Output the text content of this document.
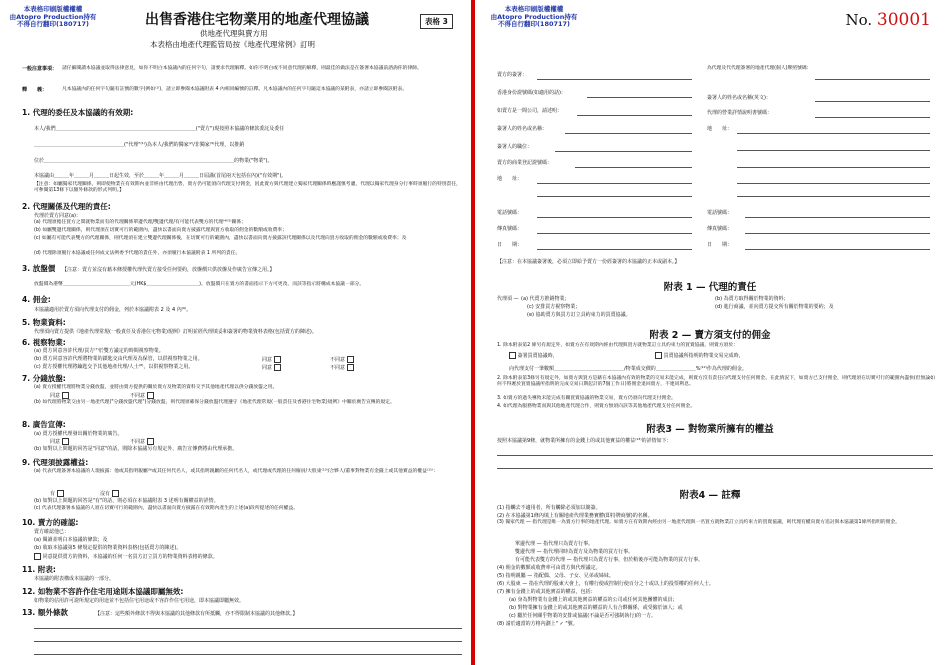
本表格印刷版權權權
由Atopro Production持有
不得自行翻印(180717)	出售香港住宅物業用的地產代理協議	表格 3
供地產代理與賣方用
本表格由地產代理監管局按《地產代理常例》訂明
一般注意事項： 請仔細閱讀本協議並取得法律意見，如你不明白本協議內的任何字句，請要求代理解釋。如你不明白或不同意代理的解釋，則最佳的做法是在簽署本協議前諮詢你的律師。
釋　　義：	凡本協議內的任何字句隨有註號的數字(例如⁽¹⁾)，請立即參閱本協議附表 4 內相同編號的註釋。凡本協議內的任何字句隨這本協議的某附表，亦請立即參閱該附表。
1. 代理的委任及本協議的有效期:
本人/我們＿＿＿＿＿＿＿＿＿＿＿＿＿＿＿＿＿＿＿＿＿＿＿＿＿＿＿＿("賣方")現按照本協議的條款委託及委任
＿＿＿＿＿＿＿＿＿＿＿＿＿＿＿＿＿＿("代理"⁽¹⁾)為本人/我們的獨家⁽²⁾/非獨家⁽³⁾代理，以推銷
位於＿＿＿＿＿＿＿＿＿＿＿＿＿＿＿＿＿＿＿＿＿＿＿＿＿＿＿＿＿＿＿＿＿＿＿＿＿＿的物業("物業")。
本協議由＿＿＿年＿＿＿月＿＿＿日起生效，至於＿＿＿年＿＿＿月＿＿＿日屆滿(首尾兩天包括在內)("有效期")。
【注意：如屬獨家代理關係，則即使物業在有效期內並非經由代理出售，賣方仍可能須向代理支付佣金，因此賣方與代理建立獨家代理關係時應謹慎考慮，代理以獨家代理身分行事時須履行的特別責任，可參閱第13條下以額外條款的形式列明。】
2. 代理關係及代理的責任:
代理於賣方同意(a)：
(a) 代理須擔任買方之間就物業而有的代理關係單邊代理/雙邊代理/有可能代表雙方的代理⁽⁴⁾⁽⁵⁾關係；
(b) 如屬雙邊代理關係，則代理須在切實可行的範圍內，盡快以書面向賣方披露代理與買方收取的佣金的數額或收費率；
(c) 如屬有可能代表雙方的代理關係，則代理須在建立雙邊代理關係後，在切實可行的範圍內，盡快以書面向賣方披露該代理關係以及代理向買方收取的佣金的數額或收費率；及
(d) 代理除須履行本協議或任何成文法例委予代理的責任外，亦須履行本協議附表 1 所列的責任。
3. 放盤價 【注意：賣方並沒有藉本條授權代理代賣方接受任何要約，放盤價只供放盤及作廣告宣傳之用。】
放盤價為港幣＿＿＿＿＿＿＿＿＿＿＿＿＿＿元(HK$＿＿＿＿＿＿＿＿＿＿＿)。放盤價只在賣方的書面指示下方可更改，而該等指示將構成本協議一部分。
4. 佣金:
本協議適用於賣方須向代理支付的佣金，列於本協議附表 2 及 4 內⁽⁶⁾。
5. 物業資料:
代理須向賣方提供《地產代理常規(一般責任及香港住宅物業)規例》訂明並經代理填妥和簽署的物業資料表格(包括賣方的陳述)。
6. 視察物業:
(a) 賣方同意容許代理/買方⁽⁷⁾於雙方議定的時間視察物業。
(b) 賣方同意容許代理將物業的鎖匙交由代理及為保管，以供視察物業之用。
(c) 賣方授權代理將鑰匙交予其他地產代理/人士⁽⁸⁾，以供視察物業之用。
同意	不同意
同意	不同意
7. 分錢放盤:
(a) 賣方授權代理將物業分錢放盤，並將由賣方提供的關於賣方及物業的資料交予其他地產代理以供分錢放盤之用。
同意	不同意
(b) 如代理將物業交由另一地產代理("分錢放盤代理")分錢放盤，則代理須確保分錢放盤代理遵守《地產代理常規(一般責任及香港住宅物業)規例》中關於廣告宣傳的規定。
8. 廣告宣傳:
(a) 賣方授權代理發出關於物業的廣告。
同意	不同意
(b) 如對以上問題的回答是"同意"的話，則除本協議另有規定外，廣告宣傳費將由代理承擔。
9. 代理須披露權益:
(a) 代表代理簽署本協議的人現披露：他或其指明親屬⁽⁹⁾或其任何代名人，或其指明親屬的任何代名人，或代理或代理的任何僱員/大股東⁽¹⁰⁾/合夥人/董事對物業有金錢上或其他實益的權益⁽¹¹⁾：
有	沒有
(b) 如對以上問題的回答是"有"的話，則必須在本協議附表 3 述明有關權益的詳情。
(c) 代表代理簽署本協議的人須在切實可行的範圍內，盡快以書面向賣方披露在有效期內產生的上述(a)段所提述的任何權益。
10. 賣方的確認:
賣方確認他已：
(a) 閱讀並明白本協議的條款；及
(b) 收取本協議第5 條規定提供的物業資料表格(包括賣方的陳述)。
同意提供賣方的資料，本協議的任何一名買方訂立買方的物業資料表格的條款。
11. 附表:
本協議的附表構成本協議的一部分。
12. 如物業不容許作住宅用途則本協議即屬無效:
如物業的佔用許可證所規定的用途並不包括住宅用途或不容許作住宅用途，即本協議即屬無效。
13. 額外條款	【注意：這些額外條款不得與本協議的其他條款有所抵觸，亦不得限制本協議的其他條款。】
本表格印刷版權權權
由Atopro Production持有
不得自行翻印(180717)	No. 30001
賣方的簽署：
香港身份證號碼(如適用的話)：
如賣方是一間公司，請述明：
簽署人的姓名或名稱：
簽署人的職位：
賣方的商業登記證號碼：
地　　址：
電話號碼：
傳真號碼：
日　　期：
為代理及代代理簽署的地產代理(個人)牌照號碼：
簽署人的姓名或名稱(英文)：
代理的營業詳情說明書號碼：
地　　址：
電話號碼：
傳真號碼：
日　　期：
【注意：在本協議簽署後，必須立即給予賣方一份經簽署的本協議的正本或副本。】
附表 1 — 代理的責任
代理須 — (a) 代賣方推銷物業；	(b) 為賣方取得關於物業的資料；
(c) 安排買方視察物業；	(d) 進行商議，並向賣方提交所有關於物業的要約；及
(e) 協助賣方與買方訂立具約束力的買賣協議。
附表 2 — 賣方須支付的佣金
1. 除本附表第2 條另有規定外，如賣方在有效期內經由代理與買方就物業訂立具約束力的買賣協議，則賣方須於：
簽署買賣協議時，	買賣協議所指明的物業交易完成時，
向代理支付一筆數額＿＿＿＿＿＿＿＿＿＿＿＿＿＿/物業成交價的＿＿＿＿＿＿＿＿%⁽¹²⁾作為代理的佣金。
2. 除本附表第3條另有規定外，如賣方與買方是藉在本協議內有效的物業的交易未能完成，則賣方沒有責任向代理支付任何佣金。在此情況下，如賣方已支付佣金，則代理須在切實可行的範圍內盡快(但無論如何不得遲於買賣協議所指明的完成交易日期起計的7個工作日)將佣金退回賣方，不連同利息。
3. 如賣方的過失導致未能完成有關買賣協議的物業交易，賣方仍須向代理支付佣金。
4. 如代理為服務物業而與其他地產代理合作，則賣方無須向該等其他地產代理支付任何佣金。
附表3 — 對物業所擁有的權益
按照本協議第9條，就物業所擁有的金錢上的或其他實益的權益⁽¹³⁾的詳情如下：
附表4 — 註釋
(1) 指觸去不適用者，所有觸除必須加以簡簽。
(2) 在本協議第1條內填上有關地產代理業務實體(即持牌商號)的名稱。
(3) 獨家代理 — 指代理是唯一為賣方行事的地產代理。如賣方在有效期內經由另一地產代理與一名買方就物業訂立具約束力的買賣協議，則代理有權向賣方追討與本協議第1條所指明的佣金。
單邊代理 — 指代理只為賣方行事。
雙邊代理 — 指代理同時為賣方及為物業的買方行事。
有可能代表雙方的代理 — 指代理只為賣方行事，但於稍後亦可能為物業的買方行事。
(4) 佣金的數額或收費率可由賣方與代理議定。
(5) 指明親屬 — 指配偶、父母、子女、兄弟或姊妹。
(6) 大股東 — 指在代理的股東大會上，有權行使或控制行使百分之十或以上的投票權的任何人士。
(7) 擁有金錢上的或其他實益的權益，包括：
(a) 身為對物業有金錢上的或其他實益的權益的公司或任何其他團體的成員；
(b) 對物業擁有金錢上的或其他實益的權益的人有合夥關係，或受僱於該人；或
(c) 屬於任何關乎物業的安排或協議(不論是否可強制執行)的一方。
(8) 請於適當的方格內劃上" ✓ "號。
